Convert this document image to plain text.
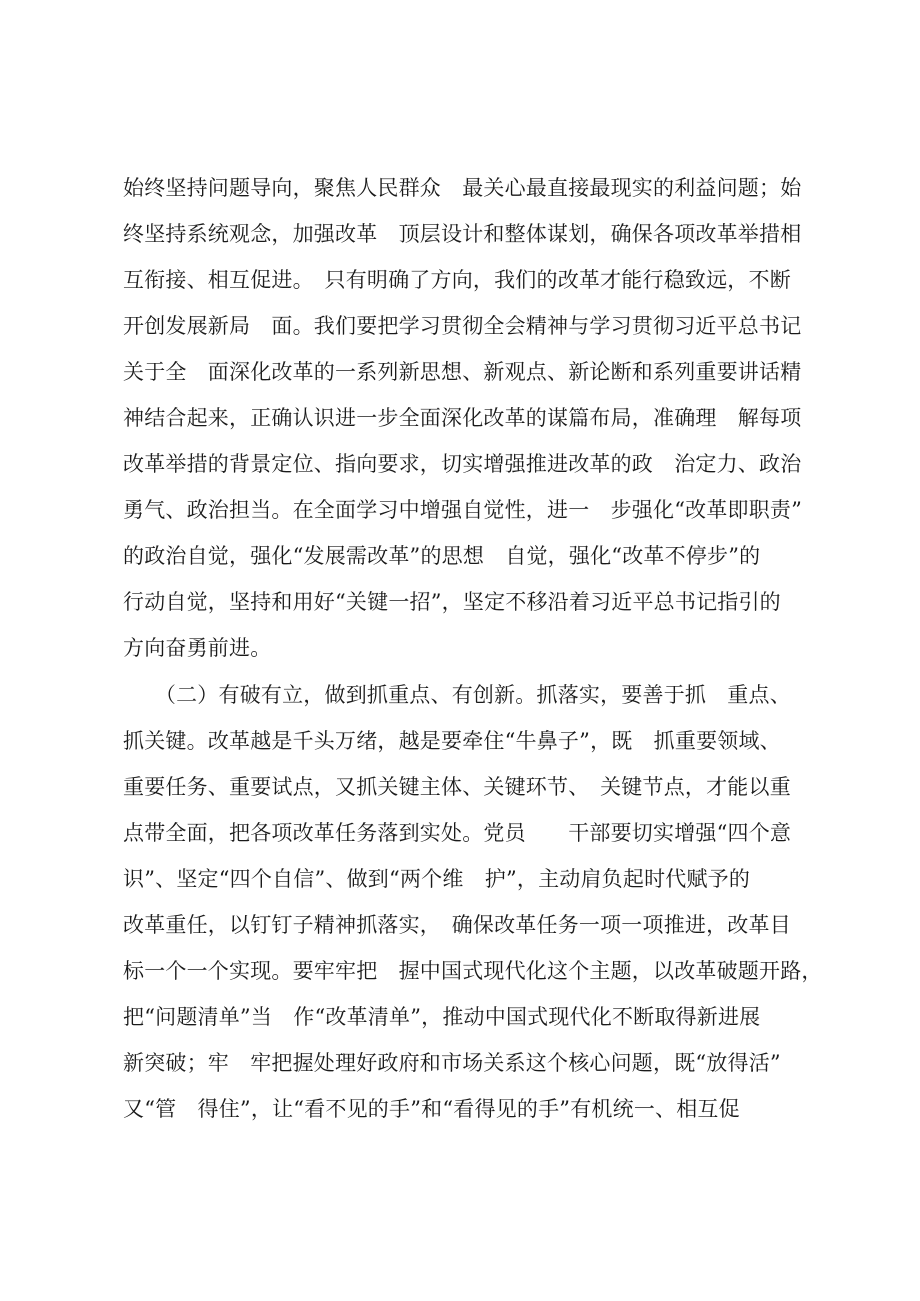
始终坚持问题导向，聚焦人民群众　最关心最直接最现实的利益问题；始
终坚持系统观念，加强改革　顶层设计和整体谋划，确保各项改革举措相
互衔接、相互促进。　只有明确了方向，我们的改革才能行稳致远，不断
开创发展新局　面。我们要把学习贯彻全会精神与学习贯彻习近平总书记
关于全　面深化改革的一系列新思想、新观点、新论断和系列重要讲话精
神结合起来，正确认识进一步全面深化改革的谋篇布局，准确理　解每项
改革举措的背景定位、指向要求，切实增强推进改革的政　治定力、政治
勇气、政治担当。在全面学习中增强自觉性，进一　步强化“改革即职责”
的政治自觉，强化“发展需改革”的思想　自觉，强化“改革不停步”的
行动自觉，坚持和用好“关键一招”，坚定不移沿着习近平总书记指引的
方向奋勇前进。
　　（二）有破有立，做到抓重点、有创新。抓落实，要善于抓　重点、
抓关键。改革越是千头万绪，越是要牵住“牛鼻子”，既　抓重要领域、
重要任务、重要试点，又抓关键主体、关键环节、　关键节点，才能以重
点带全面，把各项改革任务落到实处。党员　　干部要切实增强“四个意
识”、坚定“四个自信”、做到“两个维　护”，主动肩负起时代赋予的
改革重任，以钉钉子精神抓落实，　确保改革任务一项一项推进，改革目
标一个一个实现。要牢牢把　握中国式现代化这个主题，以改革破题开路，
把“问题清单”当　作“改革清单”，推动中国式现代化不断取得新进展
新突破；牢　牢把握处理好政府和市场关系这个核心问题，既“放得活”
又“管　得住”，让“看不见的手”和“看得见的手”有机统一、相互促
